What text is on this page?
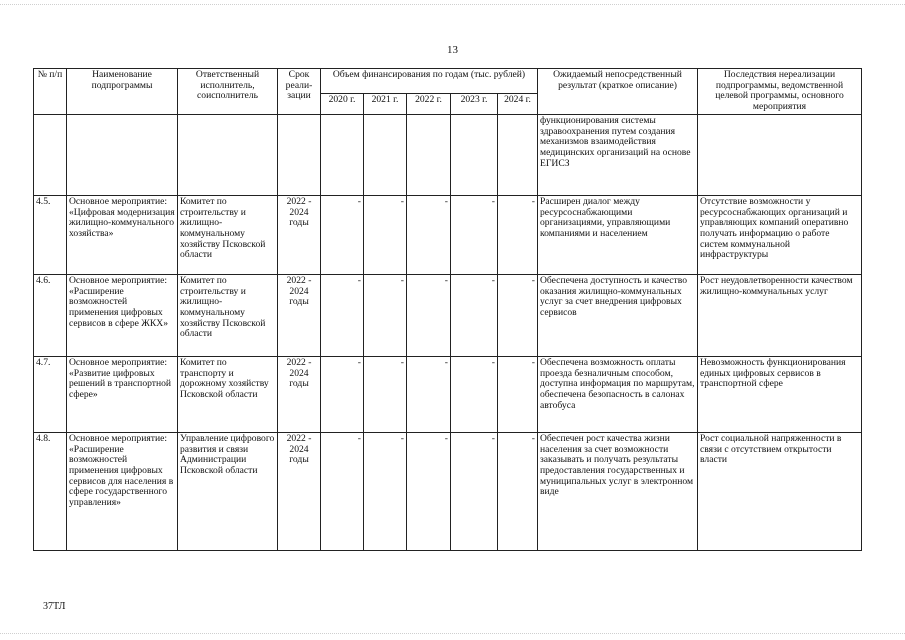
13
№ п/п	Наименование подпрограммы	Ответственный исполнитель, соисполнитель	Срок реали-зации	Объем финансирования по годам (тыс. рублей)					Ожидаемый непосредственный результат (краткое описание)	Последствия нереализации подпрограммы, ведомственной целевой программы, основного мероприятия
				2020 г.	2021 г.	2022 г.	2023 г.	2024 г.		
									функционирования системы здравоохранения путем создания механизмов взаимодействия медицинских организаций на основе ЕГИСЗ	
4.5.	Основное мероприятие: «Цифровая модернизация жилищно-коммунального хозяйства»	Комитет по строительству и жилищно-коммунальному хозяйству Псковской области	2022 - 2024 годы	-	-	-	-	-	Расширен диалог между ресурсоснабжающими организациями, управляющими компаниями и населением	Отсутствие возможности у ресурсоснабжающих организаций и управляющих компаний оперативно получать информацию о работе систем коммунальной инфраструктуры
4.6.	Основное мероприятие: «Расширение возможностей применения цифровых сервисов в сфере ЖКХ»	Комитет по строительству и жилищно-коммунальному хозяйству Псковской области	2022 - 2024 годы	-	-	-	-	-	Обеспечена доступность и качество оказания жилищно-коммунальных услуг за счет внедрения цифровых сервисов	Рост неудовлетворенности качеством жилищно-коммунальных услуг
4.7.	Основное мероприятие: «Развитие цифровых решений в транспортной сфере»	Комитет по транспорту и дорожному хозяйству Псковской области	2022 - 2024 годы	-	-	-	-	-	Обеспечена возможность оплаты проезда безналичным способом, доступна информация по маршрутам, обеспечена безопасность в салонах автобуса	Невозможность функционирования единых цифровых сервисов в транспортной сфере
4.8.	Основное мероприятие: «Расширение возможностей применения цифровых сервисов для населения в сфере государственного управления»	Управление цифрового развития и связи Администрации Псковской области	2022 - 2024 годы	-	-	-	-	-	Обеспечен рост качества жизни населения за счет возможности заказывать и получать результаты предоставления государственных и муниципальных услуг в электронном виде	Рост социальной напряженности в связи с отсутствием открытости власти
37ТЛ
